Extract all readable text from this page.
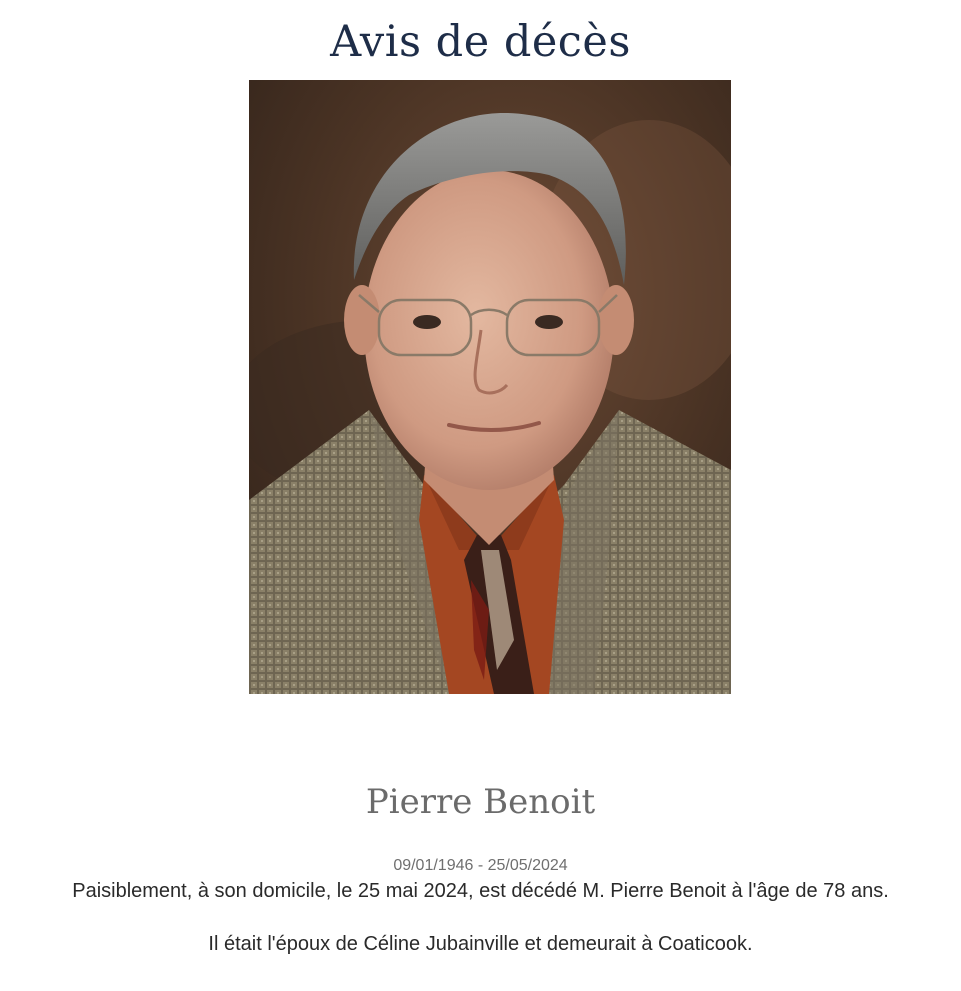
Avis de décès
Pierre Benoit
09/01/1946 - 25/05/2024

Paisiblement, à son domicile, le 25 mai 2024, est décédé M. Pierre Benoit à l'âge de 78 ans.

Il était l'époux de Céline Jubainville et demeurait à Coaticook.
